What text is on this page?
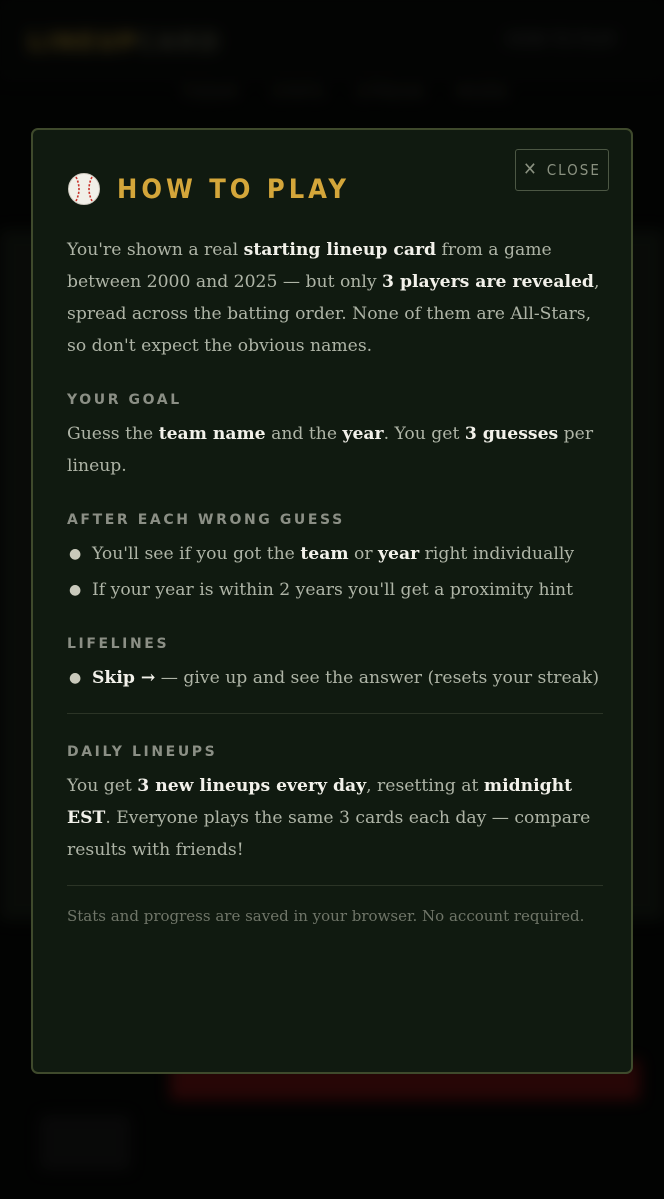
LINEUPCARD	HOW TO PLAY
TODAY STATS STREAK MORE
✕ CLOSE
HOW TO PLAY

You're shown a real starting lineup card from a game between 2000 and 2025 — but only 3 players are revealed, spread across the batting order. None of them are All-Stars, so don't expect the obvious names.

YOUR GOAL

Guess the team name and the year. You get 3 guesses per lineup.

AFTER EACH WRONG GUESS
● You'll see if you got the team or year right individually
● If your year is within 2 years you'll get a proximity hint
LIFELINES
● Skip → — give up and see the answer (resets your streak)
DAILY LINEUPS

You get 3 new lineups every day, resetting at midnight EST. Everyone plays the same 3 cards each day — compare results with friends!

Stats and progress are saved in your browser. No account required.
